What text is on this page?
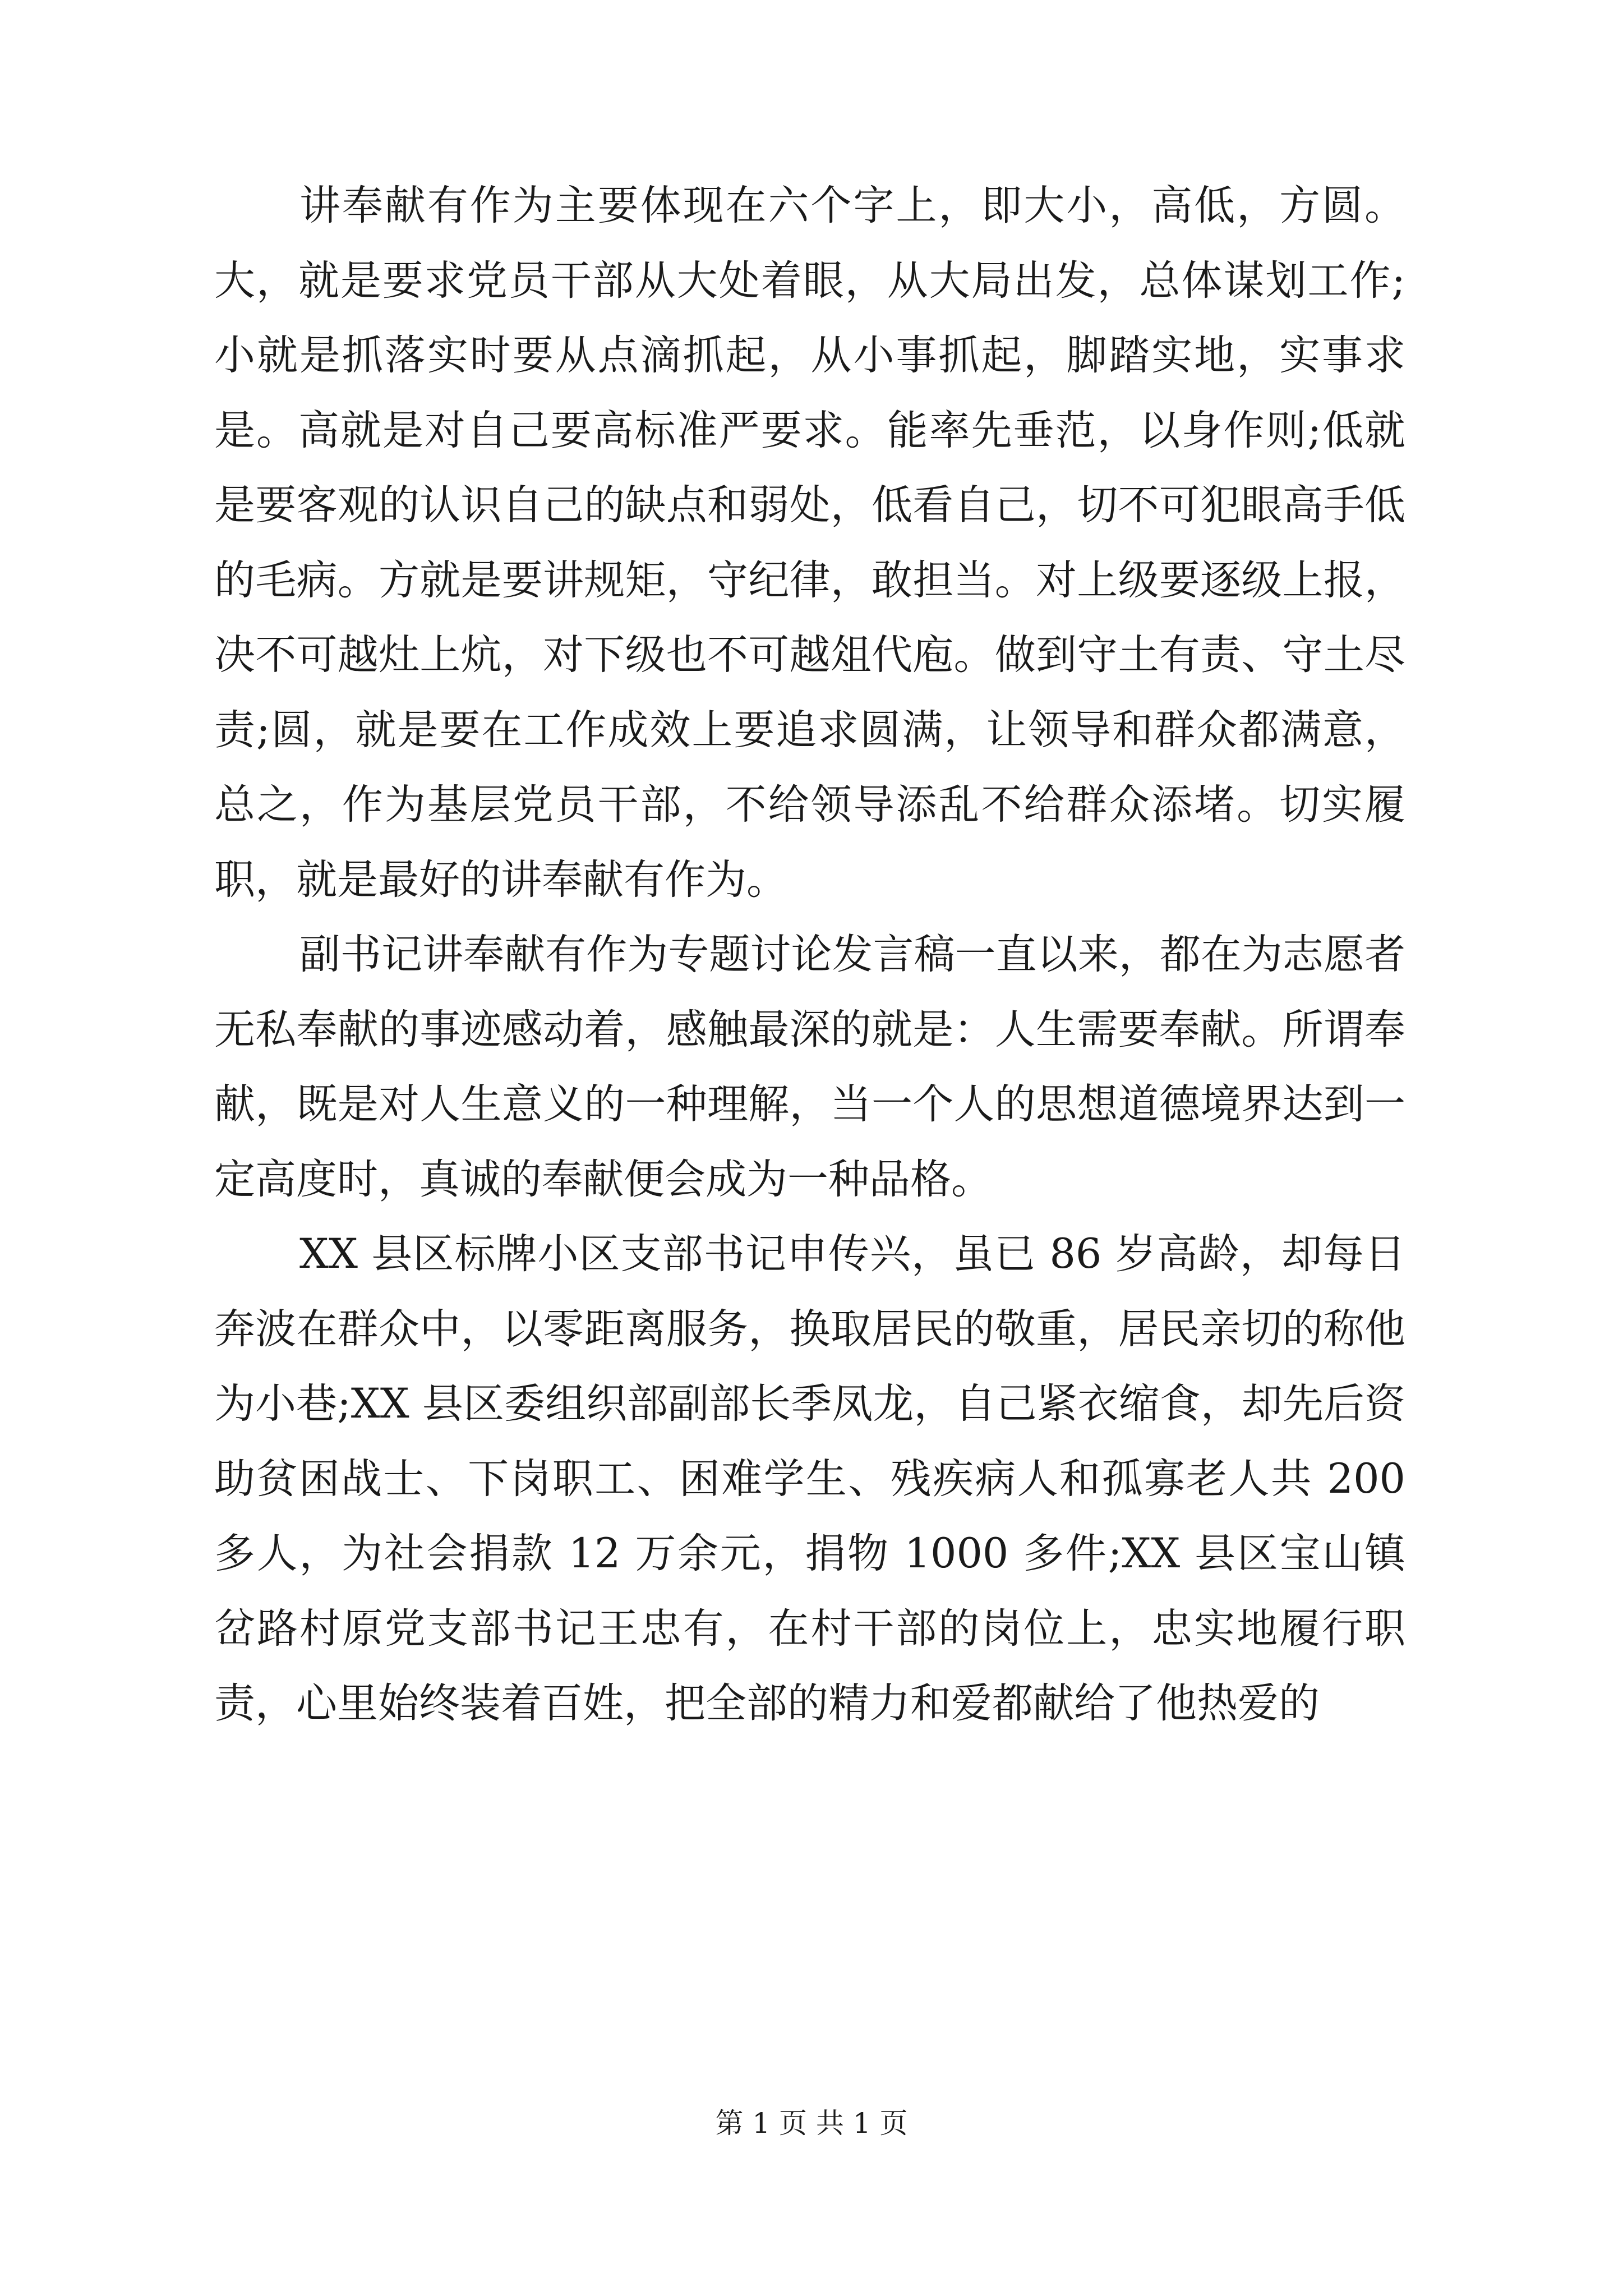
讲奉献有作为主要体现在六个字上，即大小，高低，方圆。大，就是要求党员干部从大处着眼，从大局出发，总体谋划工作;小就是抓落实时要从点滴抓起，从小事抓起，脚踏实地，实事求是。高就是对自己要高标准严要求。能率先垂范，以身作则;低就是要客观的认识自己的缺点和弱处，低看自己，切不可犯眼高手低的毛病。方就是要讲规矩，守纪律，敢担当。对上级要逐级上报，决不可越灶上炕，对下级也不可越俎代庖。做到守土有责、守土尽责;圆，就是要在工作成效上要追求圆满，让领导和群众都满意，总之，作为基层党员干部，不给领导添乱不给群众添堵。切实履职，就是最好的讲奉献有作为。

副书记讲奉献有作为专题讨论发言稿一直以来，都在为志愿者无私奉献的事迹感动着，感触最深的就是：人生需要奉献。所谓奉献，既是对人生意义的一种理解，当一个人的思想道德境界达到一定高度时，真诚的奉献便会成为一种品格。

XX 县区标牌小区支部书记申传兴，虽已 86 岁高龄，却每日奔波在群众中，以零距离服务，换取居民的敬重，居民亲切的称他为小巷;XX 县区委组织部副部长季凤龙，自己紧衣缩食，却先后资助贫困战士、下岗职工、困难学生、残疾病人和孤寡老人共 200 多人，为社会捐款 12 万余元，捐物 1000 多件;XX 县区宝山镇岔路村原党支部书记王忠有，在村干部的岗位上，忠实地履行职责，心里始终装着百姓，把全部的精力和爱都献给了他热爱的

第 1 页 共 1 页
